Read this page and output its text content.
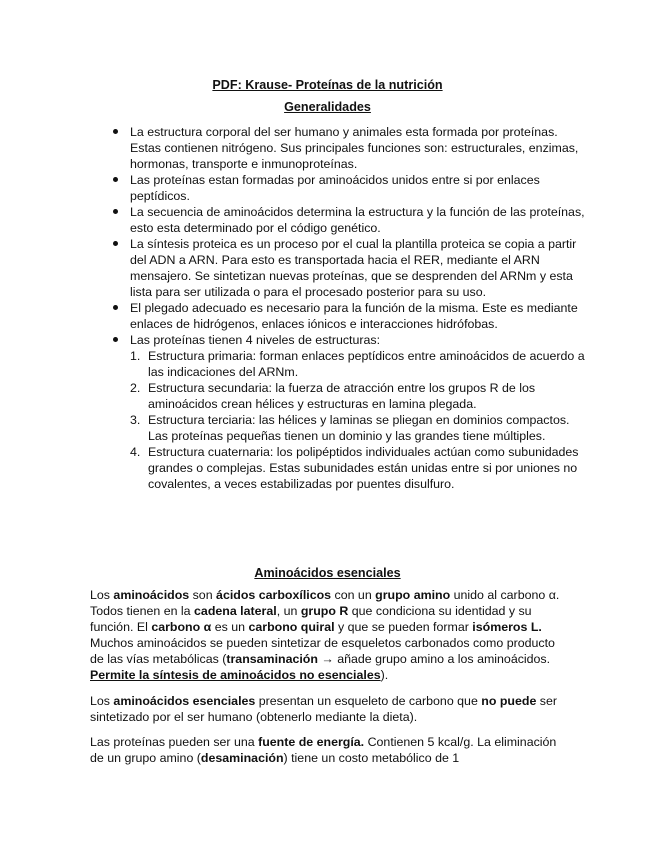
PDF: Krause- Proteínas de la nutrición
Generalidades
La estructura corporal del ser humano y animales esta formada por proteínas. Estas contienen nitrógeno. Sus principales funciones son: estructurales, enzimas, hormonas, transporte e inmunoproteínas.
Las proteínas estan formadas por aminoácidos unidos entre si por enlaces peptídicos.
La secuencia de aminoácidos determina la estructura y la función de las proteínas, esto esta determinado por el código genético.
La síntesis proteica es un proceso por el cual la plantilla proteica se copia a partir del ADN a ARN. Para esto es transportada hacia el RER, mediante el ARN mensajero. Se sintetizan nuevas proteínas, que se desprenden del ARNm y esta lista para ser utilizada o para el procesado posterior para su uso.
El plegado adecuado es necesario para la función de la misma. Este es mediante enlaces de hidrógenos, enlaces iónicos e interacciones hidrófobas.
Las proteínas tienen 4 niveles de estructuras:
1. Estructura primaria: forman enlaces peptídicos entre aminoácidos de acuerdo a las indicaciones del ARNm.
2. Estructura secundaria: la fuerza de atracción entre los grupos R de los aminoácidos crean hélices y estructuras en lamina plegada.
3. Estructura terciaria: las hélices y laminas se pliegan en dominios compactos. Las proteínas pequeñas tienen un dominio y las grandes tiene múltiples.
4. Estructura cuaternaria: los polipéptidos individuales actúan como subunidades grandes o complejas. Estas subunidades están unidas entre si por uniones no covalentes, a veces estabilizadas por puentes disulfuro.
Aminoácidos esenciales

Los aminoácidos son ácidos carboxílicos con un grupo amino unido al carbono α. Todos tienen en la cadena lateral, un grupo R que condiciona su identidad y su función. El carbono α es un carbono quiral y que se pueden formar isómeros L. Muchos aminoácidos se pueden sintetizar de esqueletos carbonados como producto de las vías metabólicas (transaminación → añade grupo amino a los aminoácidos. Permite la síntesis de aminoácidos no esenciales).

Los aminoácidos esenciales presentan un esqueleto de carbono que no puede ser sintetizado por el ser humano (obtenerlo mediante la dieta).

Las proteínas pueden ser una fuente de energía. Contienen 5 kcal/g. La eliminación de un grupo amino (desaminación) tiene un costo metabólico de 1
